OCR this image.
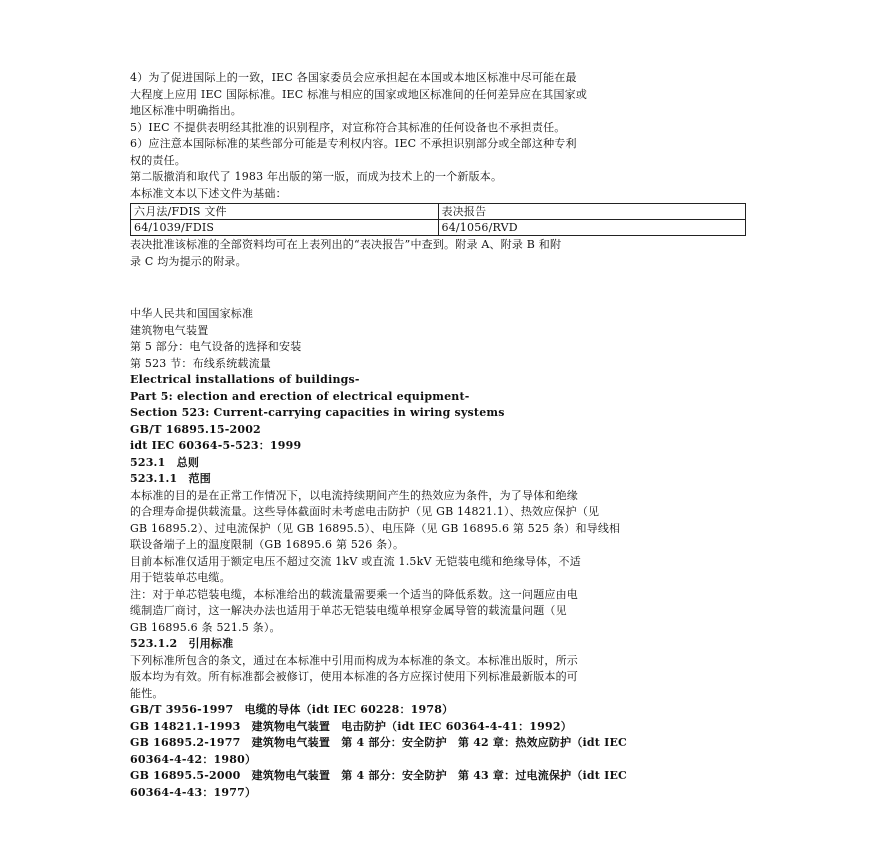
4）为了促进国际上的一致，IEC 各国家委员会应承担起在本国或本地区标准中尽可能在最

大程度上应用 IEC 国际标准。IEC 标准与相应的国家或地区标准间的任何差异应在其国家或

地区标准中明确指出。

5）IEC 不提供表明经其批准的识别程序，对宣称符合其标准的任何设备也不承担责任。

6）应注意本国际标准的某些部分可能是专利权内容。IEC 不承担识别部分或全部这种专利

权的责任。

第二版撤消和取代了 1983 年出版的第一版，而成为技术上的一个新版本。

本标准文本以下述文件为基础：

六月法/FDIS 文件	表决报告
64/1039/FDIS	64/1056/RVD

表决批准该标准的全部资料均可在上表列出的“表决报告”中查到。附录 A、附录 B 和附

录 C 均为提示的附录。

中华人民共和国国家标准

建筑物电气装置

第 5 部分：电气设备的选择和安装

第 523 节：布线系统载流量

Electrical installations of buildings-

Part 5: election and erection of electrical equipment-

Section 523: Current-carrying capacities in wiring systems

GB/T 16895.15-2002

idt IEC 60364-5-523：1999

523.1　总则

523.1.1　范围

本标准的目的是在正常工作情况下，以电流持续期间产生的热效应为条件，为了导体和绝缘

的合理寿命提供载流量。这些导体截面时未考虑电击防护（见 GB 14821.1）、热效应保护（见

GB 16895.2）、过电流保护（见 GB 16895.5）、电压降（见 GB 16895.6 第 525 条）和导线相

联设备端子上的温度限制（GB 16895.6 第 526 条）。

目前本标准仅适用于额定电压不超过交流 1kV 或直流 1.5kV 无铠装电缆和绝缘导体，不适

用于铠装单芯电缆。

注：对于单芯铠装电缆，本标准给出的载流量需要乘一个适当的降低系数。这一问题应由电

缆制造厂商讨，这一解决办法也适用于单芯无铠装电缆单根穿金属导管的载流量问题（见

GB 16895.6 条 521.5 条）。

523.1.2　引用标准

下列标准所包含的条文，通过在本标准中引用而构成为本标准的条文。本标准出版时，所示

版本均为有效。所有标准都会被修订，使用本标准的各方应探讨使用下列标准最新版本的可

能性。

GB/T 3956-1997　电缆的导体（idt IEC 60228：1978）

GB 14821.1-1993　建筑物电气装置　电击防护（idt IEC 60364-4-41：1992）

GB 16895.2-1977　建筑物电气装置　第 4 部分：安全防护　第 42 章：热效应防护（idt IEC

60364-4-42：1980）

GB 16895.5-2000　建筑物电气装置　第 4 部分：安全防护　第 43 章：过电流保护（idt IEC

60364-4-43：1977）
